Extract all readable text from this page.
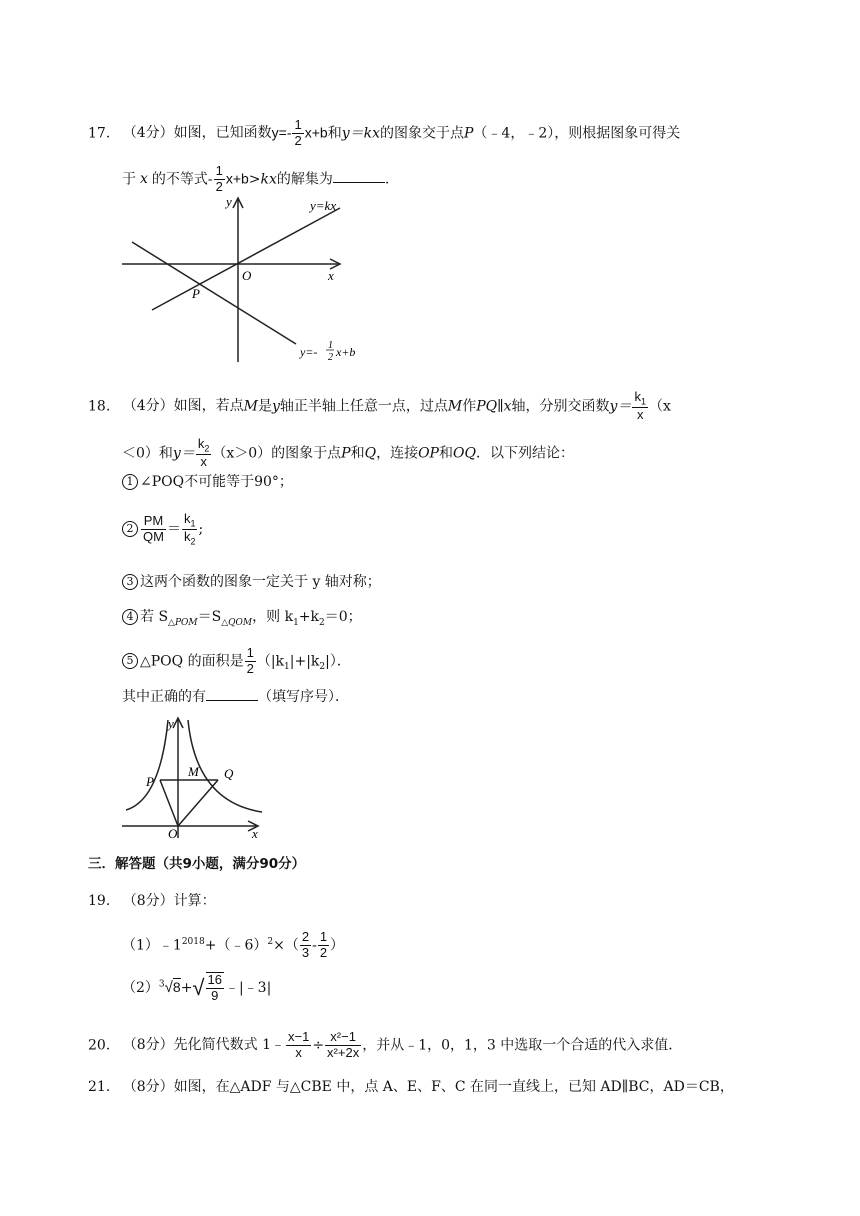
17. （4分）如图，已知函数$y=- \frac{1}{2} x+b$和y＝kx的图象交于点P（﹣4，﹣2），则根据图象可得关
于 x 的不等式- $\frac{1}{2} x+b>kx$的解集为	.
y
x
O
P
y=kx
y=- 1
2 x+b
18. （4分）如图，若点M是y轴正半轴上任意一点，过点M作PQ∥x轴，分别交函数$y= \frac{k_1}{x} (x$
＜0）和$y= \frac{k_2}{x} (x>0)$的图象于点P和Q，连接OP和OQ．以下列结论：
1 ∠POQ不可能等于90°；
$2 \frac{PM}{QM} = \frac{k_1}{k_2}$ ;
3 这两个函数的图象一定关于 y 轴对称；
4 若 $S_{\triangle POM}=S_{\triangle QOM}$，则 $k_1+k_2=0$；
5 △POQ 的面积是 $\frac{1}{2} (|k_1|+|k_2|)$．
其中正确的有	（填写序号）．
y
x
O
P
M Q
三．解答题（共9小题，满分90分）
19. （8分）计算：
$(1)﹣1^{2018}+(﹣6)^2\times( \frac{2}{3} - \frac{1}{2}$ ）
$(2)^3√8+√ \frac{16}{9}$ ﹣|﹣3|
20. （8分）先化简代数式 1﹣ $\frac{x-1}{x} \div \frac{\text{x²−1}}{\text{x²+2x}}$ ，并从﹣1，0，1，3 中选取一个合适的代入求值．
21. （8分）如图，在△ADF 与△CBE 中，点 A、E、F、C 在同一直线上，已知 AD∥BC，AD＝CB，
